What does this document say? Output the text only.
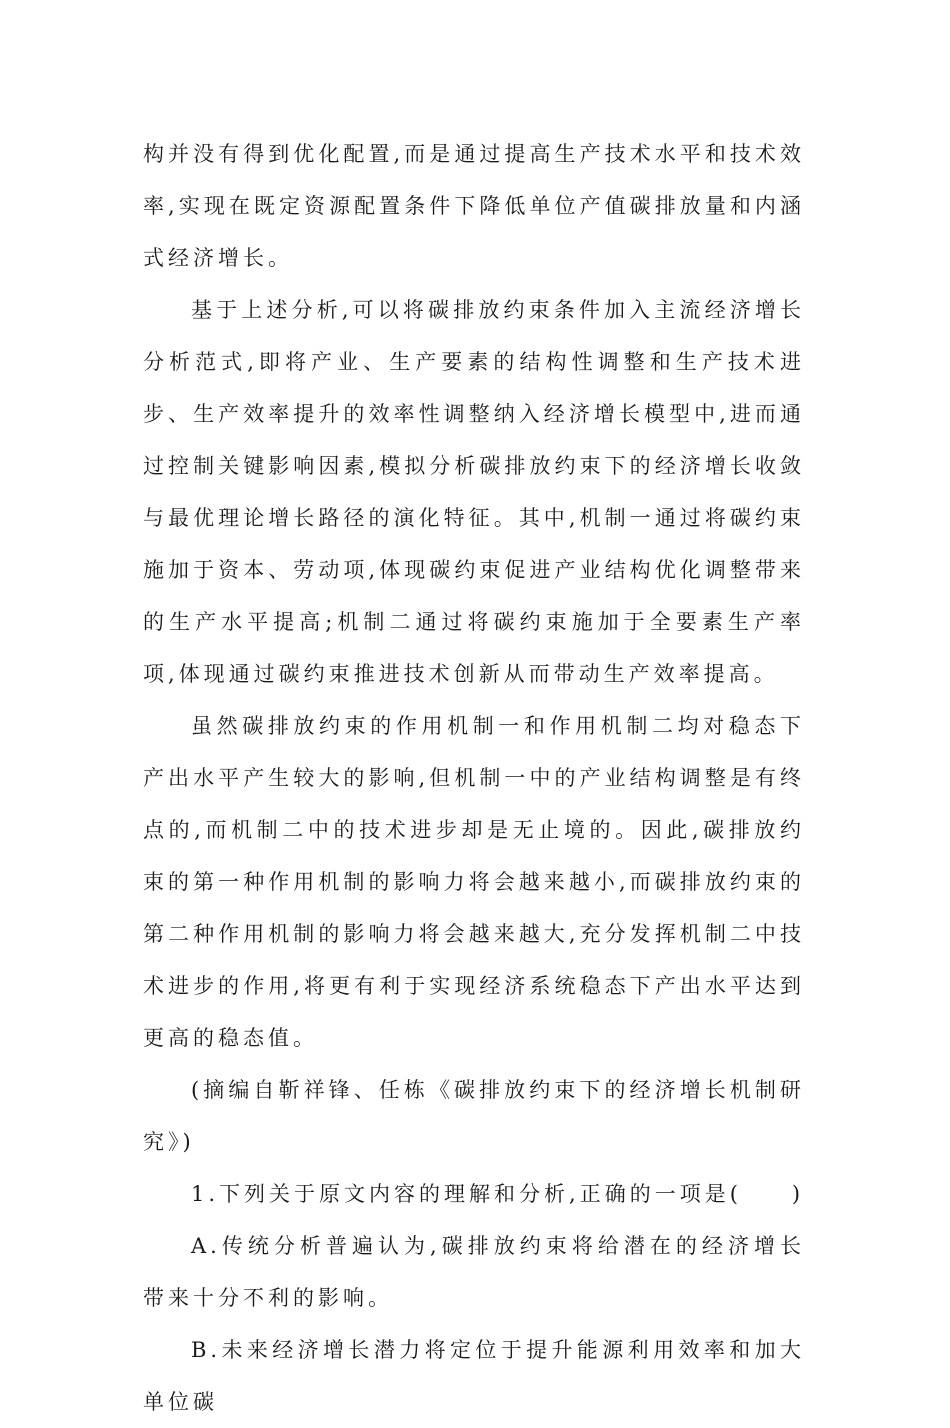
构并没有得到优化配置,而是通过提高生产技术水平和技术效率,实现在既定资源配置条件下降低单位产值碳排放量和内涵式经济增长。

基于上述分析,可以将碳排放约束条件加入主流经济增长分析范式,即将产业、生产要素的结构性调整和生产技术进步、生产效率提升的效率性调整纳入经济增长模型中,进而通过控制关键影响因素,模拟分析碳排放约束下的经济增长收敛与最优理论增长路径的演化特征。其中,机制一通过将碳约束施加于资本、劳动项,体现碳约束促进产业结构优化调整带来的生产水平提高;机制二通过将碳约束施加于全要素生产率项,体现通过碳约束推进技术创新从而带动生产效率提高。

虽然碳排放约束的作用机制一和作用机制二均对稳态下产出水平产生较大的影响,但机制一中的产业结构调整是有终点的,而机制二中的技术进步却是无止境的。因此,碳排放约束的第一种作用机制的影响力将会越来越小,而碳排放约束的第二种作用机制的影响力将会越来越大,充分发挥机制二中技术进步的作用,将更有利于实现经济系统稳态下产出水平达到更高的稳态值。

(摘编自靳祥锋、任栋《碳排放约束下的经济增长机制研究》)

1.下列关于原文内容的理解和分析,正确的一项是(　　)

A.传统分析普遍认为,碳排放约束将给潜在的经济增长带来十分不利的影响。

B.未来经济增长潜力将定位于提升能源利用效率和加大单位碳
